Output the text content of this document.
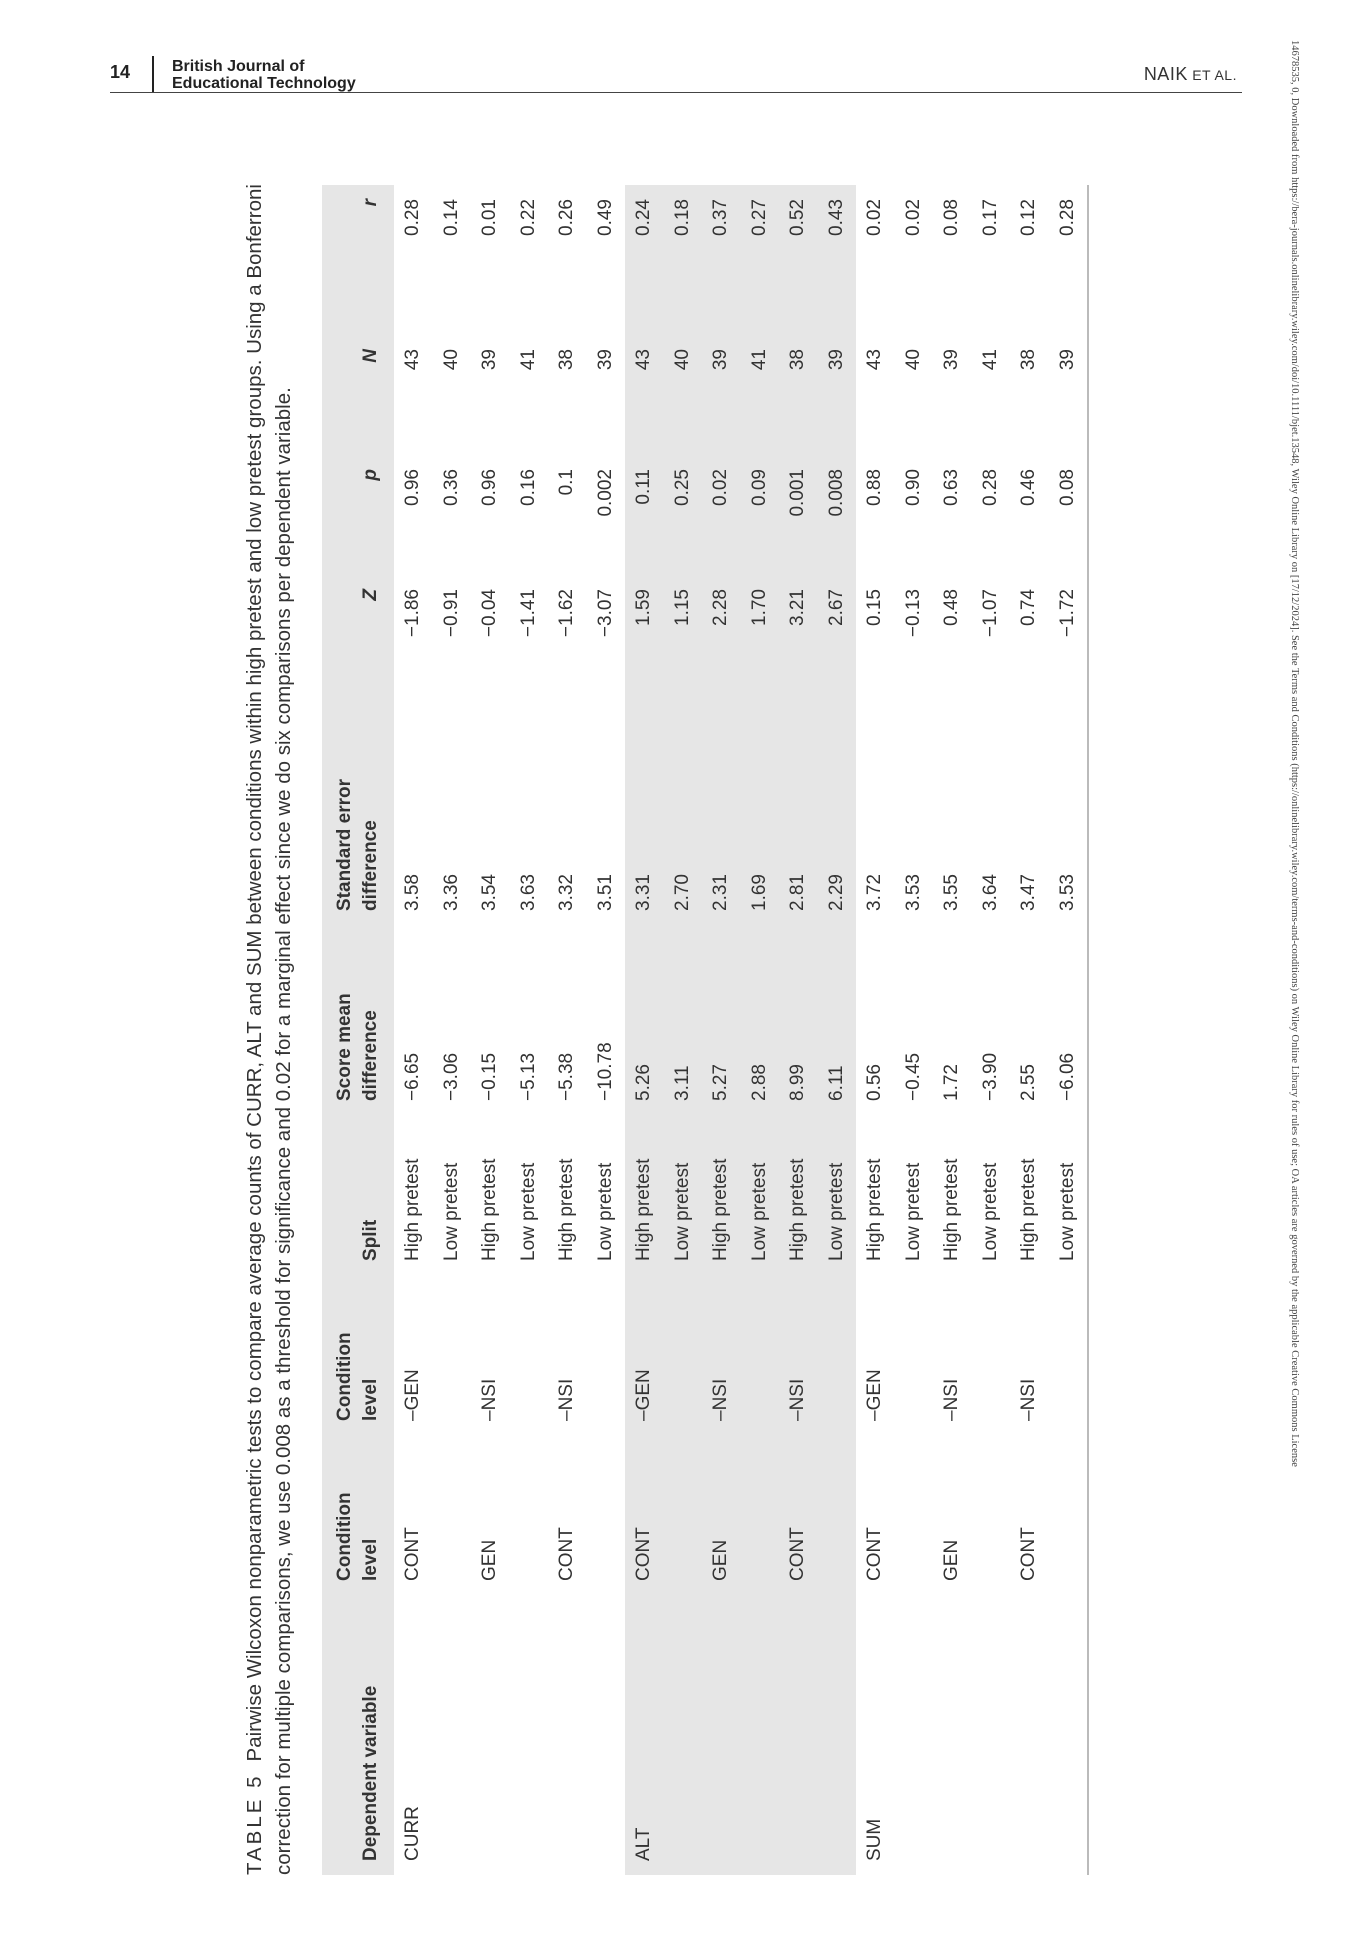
14	British Journal of
Educational Technology	NAIK ET AL.	14678535, 0, Downloaded from https://bera-journals.onlinelibrary.wiley.com/doi/10.1111/bjet.13548, Wiley Online Library on [17/12/2024]. See the Terms and Conditions (https://onlinelibrary.wiley.com/terms-and-conditions) on Wiley Online Library for rules of use; OA articles are governed by the applicable Creative Commons License

TABLE 5Pairwise Wilcoxon nonparametric tests to compare average counts of CURR, ALT and SUM between conditions within high pretest and low pretest groups. Using a Bonferroni correction for multiple comparisons, we use 0.008 as a threshold for significance and 0.02 for a marginal effect since we do six comparisons per dependent variable.	Dependent variable	Condition level	Condition level	Split	Score mean difference	Standard error difference	Z	p	N	r
CURR	CONT	–GEN	High pretest	−6.65	3.58	−1.86	0.96	43	0.28
			Low pretest	−3.06	3.36	−0.91	0.36	40	0.14
	GEN	–NSI	High pretest	−0.15	3.54	−0.04	0.96	39	0.01
			Low pretest	−5.13	3.63	−1.41	0.16	41	0.22
	CONT	–NSI	High pretest	−5.38	3.32	−1.62	0.1	38	0.26
			Low pretest	−10.78	3.51	−3.07	0.002	39	0.49
ALT	CONT	–GEN	High pretest	5.26	3.31	1.59	0.11	43	0.24
			Low pretest	3.11	2.70	1.15	0.25	40	0.18
	GEN	–NSI	High pretest	5.27	2.31	2.28	0.02	39	0.37
			Low pretest	2.88	1.69	1.70	0.09	41	0.27
	CONT	–NSI	High pretest	8.99	2.81	3.21	0.001	38	0.52
			Low pretest	6.11	2.29	2.67	0.008	39	0.43
SUM	CONT	–GEN	High pretest	0.56	3.72	0.15	0.88	43	0.02
			Low pretest	−0.45	3.53	−0.13	0.90	40	0.02
	GEN	–NSI	High pretest	1.72	3.55	0.48	0.63	39	0.08
			Low pretest	−3.90	3.64	−1.07	0.28	41	0.17
	CONT	–NSI	High pretest	2.55	3.47	0.74	0.46	38	0.12
			Low pretest	−6.06	3.53	−1.72	0.08	39	0.28
